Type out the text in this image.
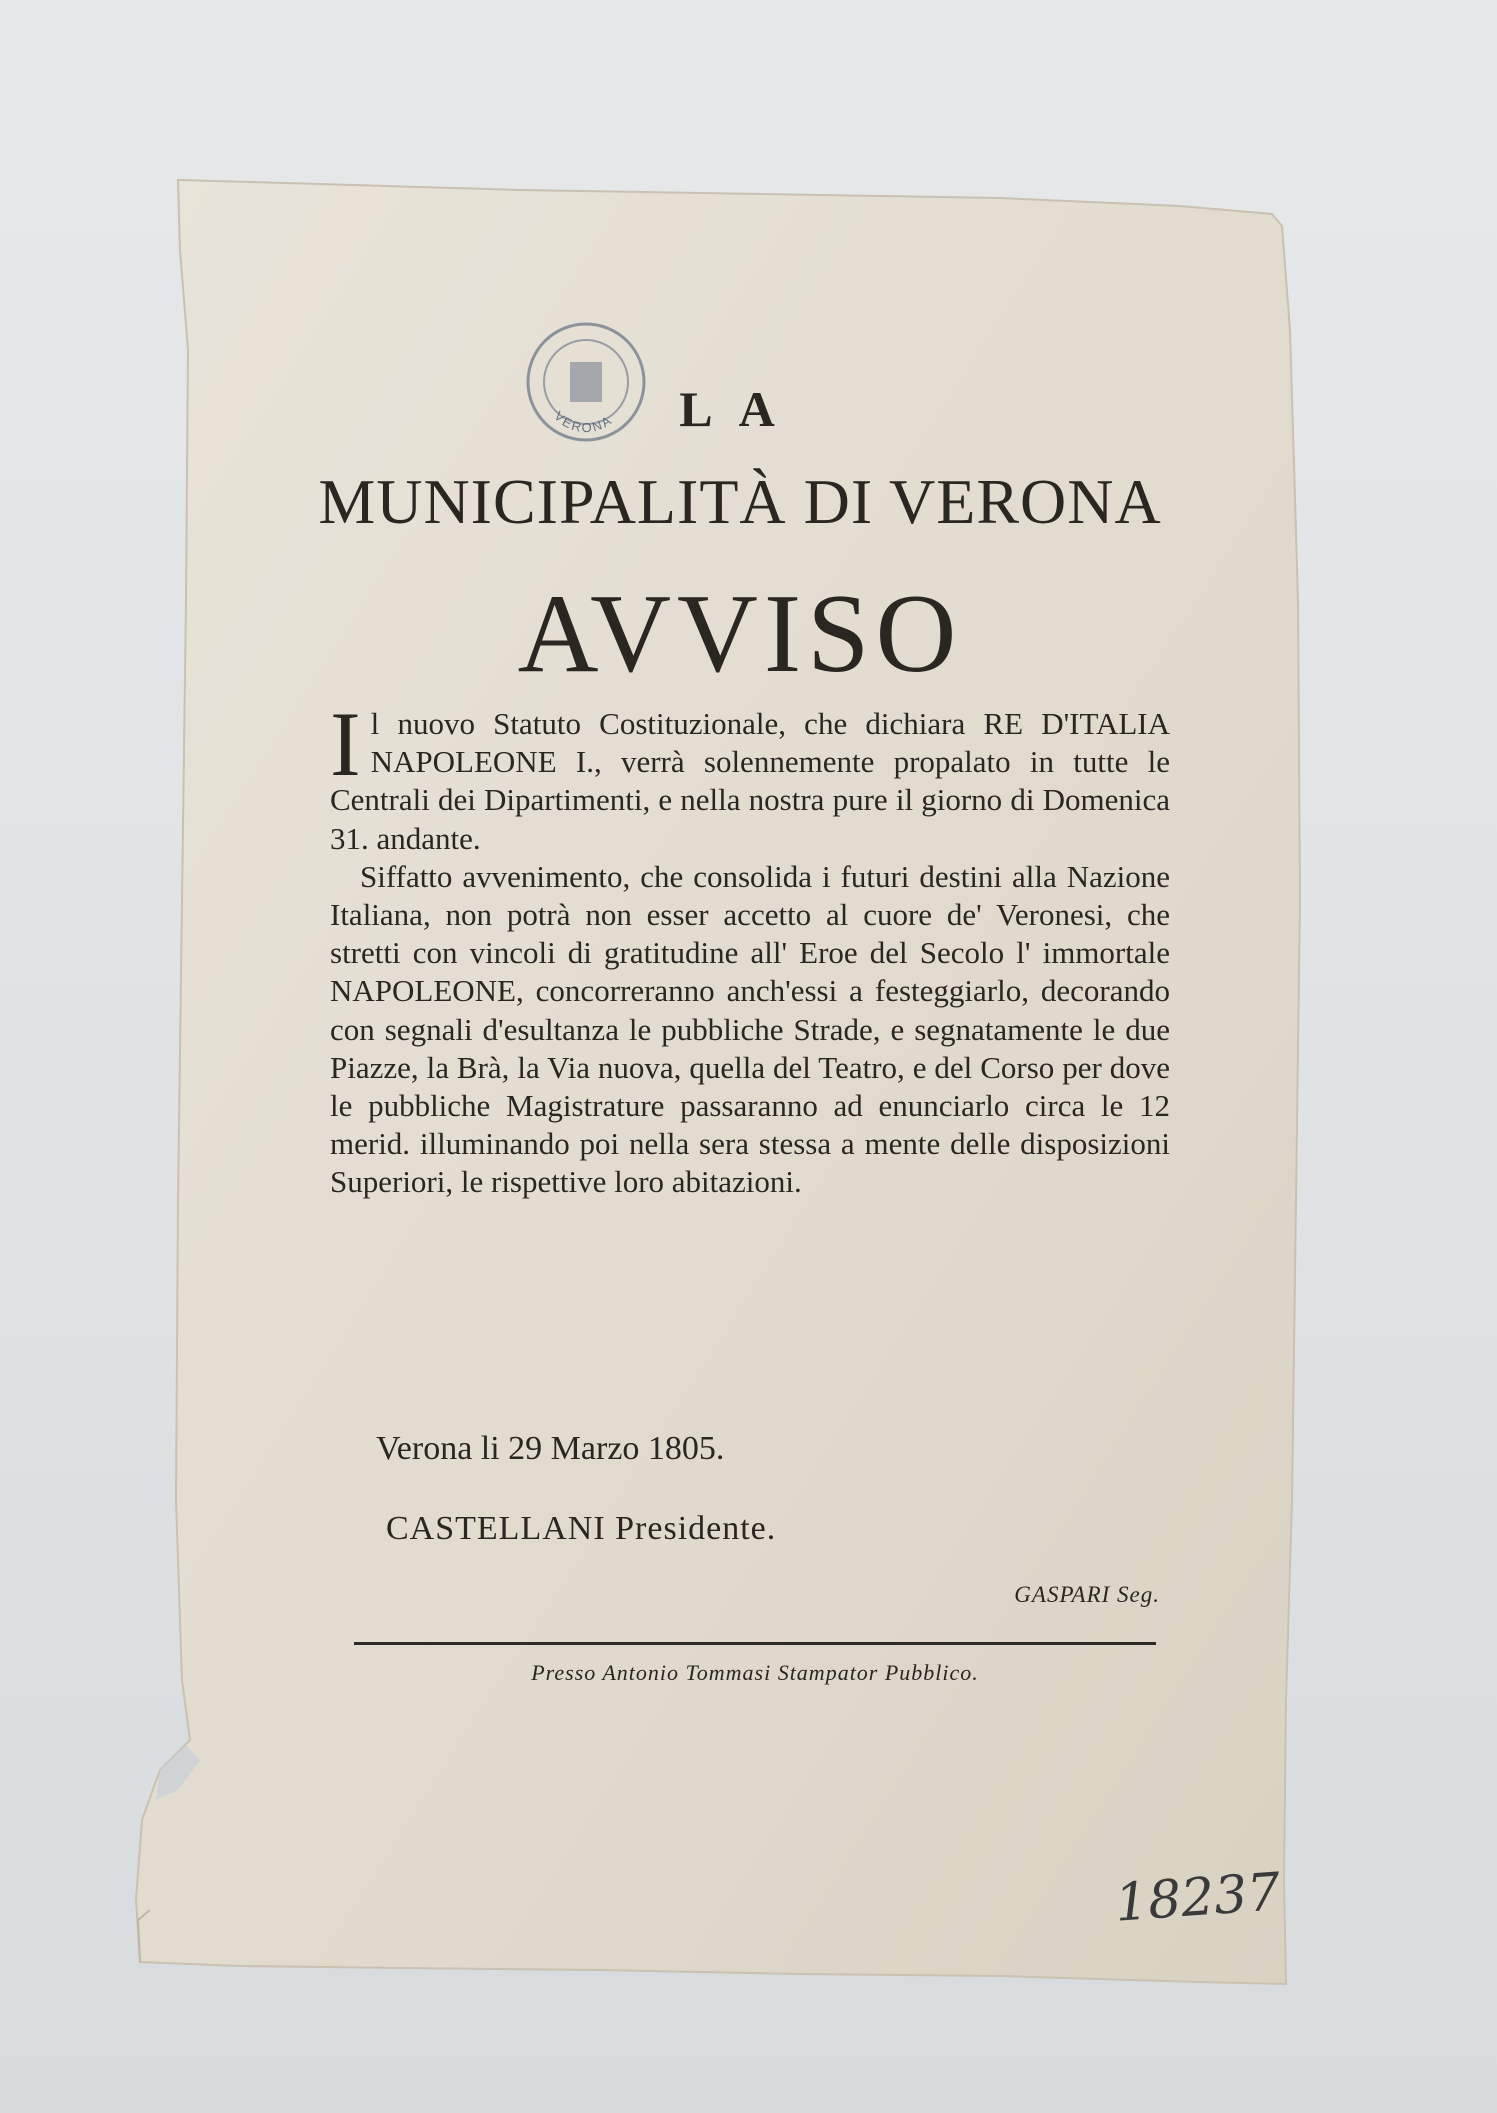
VERONA	LA
MUNICIPALITÀ DI VERONA
AVVISO

Il nuovo Statuto Costituzionale, che dichiara RE D'ITALIA NAPOLEONE I., verrà solennemente propalato in tutte le Centrali dei Dipartimenti, e nella nostra pure il giorno di Domenica 31. andante.

Siffatto avvenimento, che consolida i futuri destini alla Nazione Italiana, non potrà non esser accetto al cuore de' Veronesi, che stretti con vincoli di gratitudine all' Eroe del Secolo l' immortale NAPOLEONE, concorreranno anch'essi a festeggiarlo, decorando con segnali d'esultanza le pubbliche Strade, e segnatamente le due Piazze, la Brà, la Via nuova, quella del Teatro, e del Corso per dove le pubbliche Magistrature passaranno ad enunciarlo circa le 12 merid. illuminando poi nella sera stessa a mente delle disposizioni Superiori, le rispettive loro abitazioni.

Verona li 29 Marzo 1805.
CASTELLANI Presidente.
GASPARI Seg.
Presso Antonio Tommasi Stampator Pubblico.
18237
